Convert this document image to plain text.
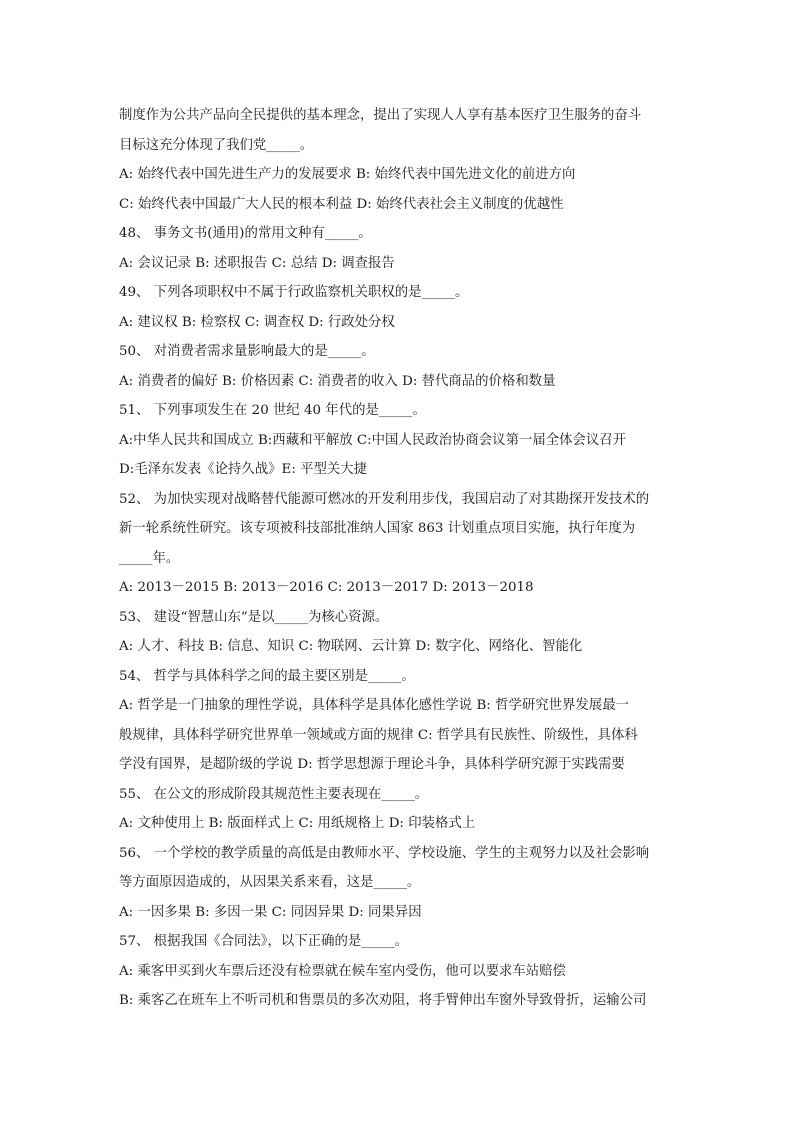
制度作为公共产品向全民提供的基本理念，提出了实现人人享有基本医疗卫生服务的奋斗
目标这充分体现了我们党_____。
A: 始终代表中国先进生产力的发展要求 B: 始终代表中国先进文化的前进方向
C: 始终代表中国最广大人民的根本利益 D: 始终代表社会主义制度的优越性
48、 事务文书(通用)的常用文种有_____。
A: 会议记录 B: 述职报告 C: 总结 D: 调查报告
49、 下列各项职权中不属于行政监察机关职权的是_____。
A: 建议权 B: 检察权 C: 调查权 D: 行政处分权
50、 对消费者需求量影响最大的是_____。
A: 消费者的偏好 B: 价格因素 C: 消费者的收入 D: 替代商品的价格和数量
51、 下列事项发生在 20 世纪 40 年代的是_____。
A:中华人民共和国成立 B:西藏和平解放 C:中国人民政治协商会议第一届全体会议召开
D:毛泽东发表《论持久战》E: 平型关大捷
52、 为加快实现对战略替代能源可燃冰的开发利用步伐，我国启动了对其勘探开发技术的
新一轮系统性研究。该专项被科技部批准纳人国家 863 计划重点项目实施，执行年度为
_____年。
A: 2013－2015 B: 2013－2016 C: 2013－2017 D: 2013－2018
53、 建设“智慧山东”是以_____为核心资源。
A: 人才、科技 B: 信息、知识 C: 物联网、云计算 D: 数字化、网络化、智能化
54、 哲学与具体科学之间的最主要区别是_____。
A: 哲学是一门抽象的理性学说，具体科学是具体化感性学说 B: 哲学研究世界发展最一
般规律，具体科学研究世界单一领域或方面的规律 C: 哲学具有民族性、阶级性，具体科
学没有国界，是超阶级的学说 D: 哲学思想源于理论斗争，具体科学研究源于实践需要
55、 在公文的形成阶段其规范性主要表现在_____。
A: 文种使用上 B: 版面样式上 C: 用纸规格上 D: 印装格式上
56、 一个学校的教学质量的高低是由教师水平、学校设施、学生的主观努力以及社会影响
等方面原因造成的，从因果关系来看，这是_____。
A: 一因多果 B: 多因一果 C: 同因异果 D: 同果异因
57、 根据我国《合同法》，以下正确的是_____。
A: 乘客甲买到火车票后还没有检票就在候车室内受伤，他可以要求车站赔偿
B: 乘客乙在班车上不听司机和售票员的多次劝阻，将手臂伸出车窗外导致骨折，运输公司
